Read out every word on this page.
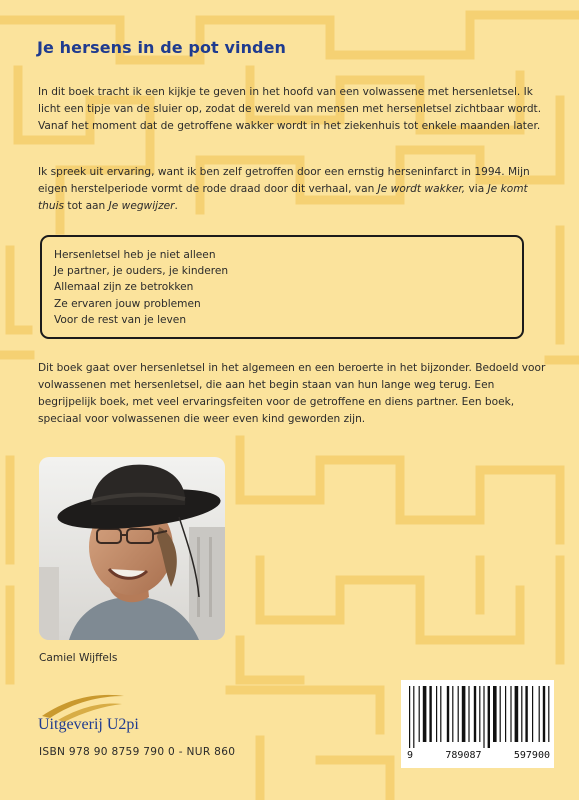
Je hersens in de pot vinden
In dit boek tracht ik een kijkje te geven in het hoofd van een volwassene met hersenletsel. Ik licht een tipje van de sluier op, zodat de wereld van mensen met hersenletsel zichtbaar wordt. Vanaf het moment dat de getroffene wakker wordt in het ziekenhuis tot enkele maanden later.
Ik spreek uit ervaring, want ik ben zelf getroffen door een ernstig herseninfarct in 1994. Mijn eigen herstelperiode vormt de rode draad door dit verhaal, van Je wordt wakker, via Je komt thuis tot aan Je wegwijzer.
Hersenletsel heb je niet alleen
Je partner, je ouders, je kinderen
Allemaal zijn ze betrokken
Ze ervaren jouw problemen
Voor de rest van je leven
Dit boek gaat over hersenletsel in het algemeen en een beroerte in het bijzonder. Bedoeld voor volwassenen met hersenletsel, die aan het begin staan van hun lange weg terug. Een begrijpelijk boek, met veel ervaringsfeiten voor de getroffene en diens partner. Een boek, speciaal voor volwassenen die weer even kind geworden zijn.
Camiel Wijffels
Uitgeverij U2pi
ISBN 978 90 8759 790 0 - NUR 860	9	789087	597900
